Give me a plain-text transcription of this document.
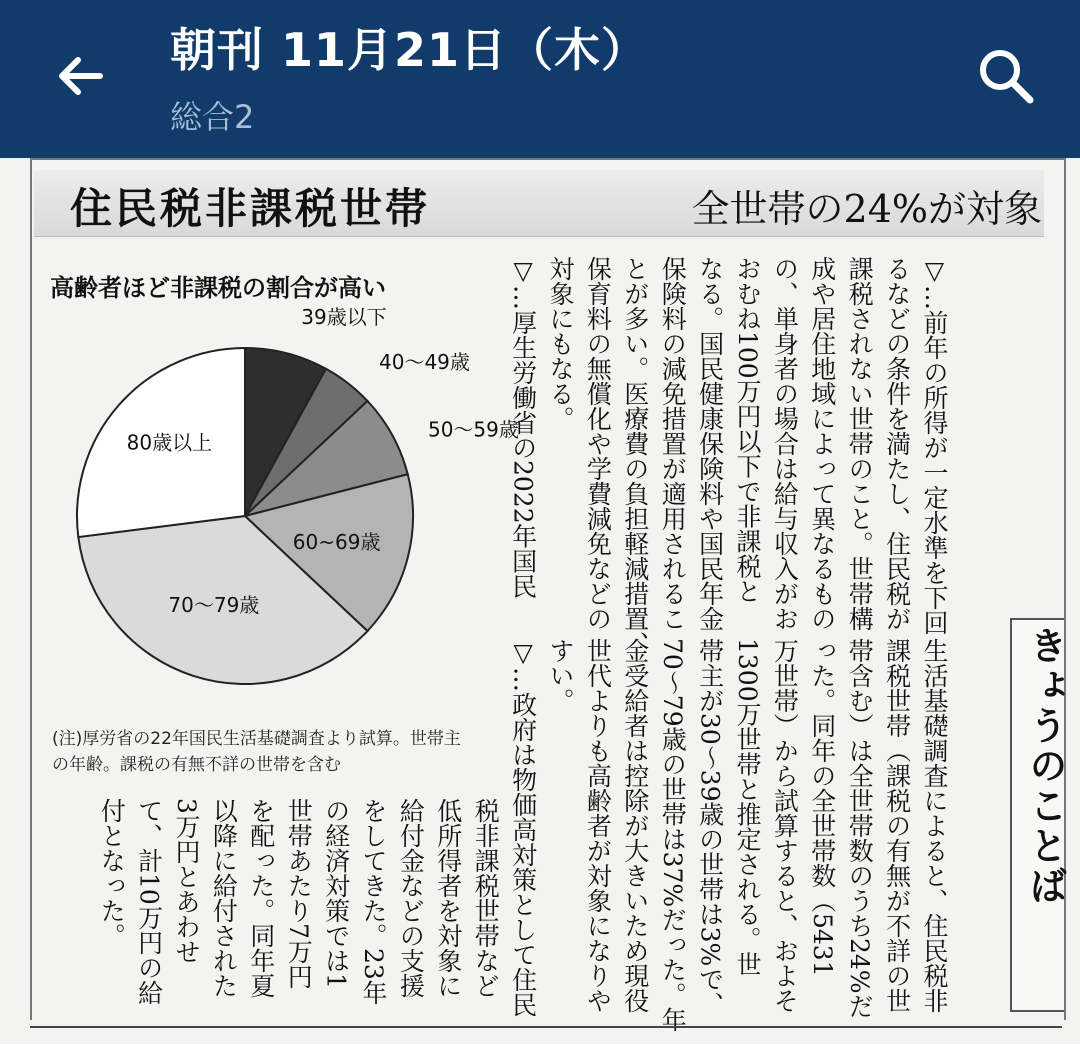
朝刊 11月21日（木）
総合2
住民税非課税世帯	全世帯の24%が対象
高齢者ほど非課税の割合が高い
39歳以下
40〜49歳
50〜59歳
60~69歳
70〜79歳
80歳以上
(注)厚労省の22年国民生活基礎調査より試算。世帯主の年齢。課税の有無不詳の世帯を含む
▽…前年の所得が一定水準を下回
るなどの条件を満たし、住民税が
課税されない世帯のこと。世帯構
成や居住地域によって異なるもの
の、単身者の場合は給与収入がお
おむね100万円以下で非課税と
なる。国民健康保険料や国民年金
保険料の減免措置が適用されるこ
とが多い。医療費の負担軽減措置、
保育料の無償化や学費減免などの
対象にもなる。
▽…厚生労働省の2022年国民
生活基礎調査によると、住民税非
課税世帯（課税の有無が不詳の世
帯含む）は全世帯数のうち24%だ
った。同年の全世帯数（5431
万世帯）から試算すると、およそ
1300万世帯と推定される。世
帯主が30〜39歳の世帯は3%で、
70〜79歳の世帯は37%だった。年
金受給者は控除が大きいため現役
世代よりも高齢者が対象になりや
すい。
▽…政府は物価高対策として住民
税非課税世帯など
低所得者を対象に
給付金などの支援
をしてきた。23年
の経済対策では1
世帯あたり7万円
を配った。同年夏
以降に給付された
3万円とあわせ
て、計10万円の給
付となった。	きょうのことば
